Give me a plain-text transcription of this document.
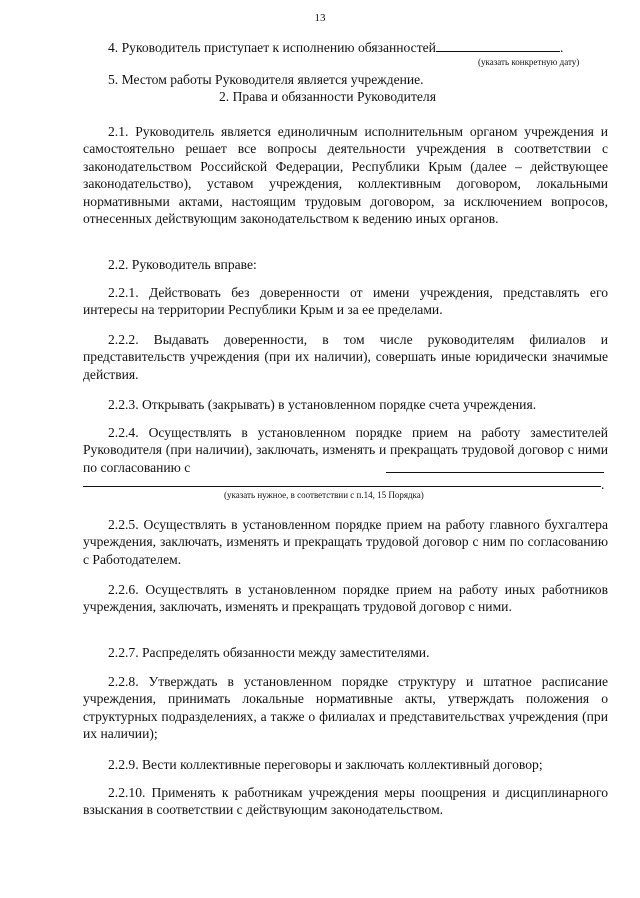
13
4. Руководитель приступает к исполнению обязанностей	.
(указать конкретную дату)
5. Местом работы Руководителя является учреждение.
2. Права и обязанности Руководителя
2.1. Руководитель является единоличным исполнительным органом учреждения и самостоятельно решает все вопросы деятельности учреждения в соответствии с законодательством Российской Федерации, Республики Крым (далее – действующее законодательство), уставом учреждения, коллективным договором, локальными нормативными актами, настоящим трудовым договором, за исключением вопросов, отнесенных действующим законодательством к ведению иных органов.
2.2. Руководитель вправе:
2.2.1. Действовать без доверенности от имени учреждения, представлять его интересы на территории Республики Крым и за ее пределами.
2.2.2. Выдавать доверенности, в том числе руководителям филиалов и представительств учреждения (при их наличии), совершать иные юридически значимые действия.
2.2.3. Открывать (закрывать) в установленном порядке счета учреждения.
2.2.4. Осуществлять в установленном порядке прием на работу заместителей Руководителя (при наличии), заключать, изменять и прекращать трудовой договор с ними по согласованию с
.
(указать нужное, в соответствии с п.14, 15 Порядка)
2.2.5. Осуществлять в установленном порядке прием на работу главного бухгалтера учреждения, заключать, изменять и прекращать трудовой договор с ним по согласованию с Работодателем.
2.2.6. Осуществлять в установленном порядке прием на работу иных работников учреждения, заключать, изменять и прекращать трудовой договор с ними.
2.2.7. Распределять обязанности между заместителями.
2.2.8. Утверждать в установленном порядке структуру и штатное расписание учреждения, принимать локальные нормативные акты, утверждать положения о структурных подразделениях, а также о филиалах и представительствах учреждения (при их наличии);
2.2.9. Вести коллективные переговоры и заключать коллективный договор;
2.2.10. Применять к работникам учреждения меры поощрения и дисциплинарного взыскания в соответствии с действующим законодательством.
